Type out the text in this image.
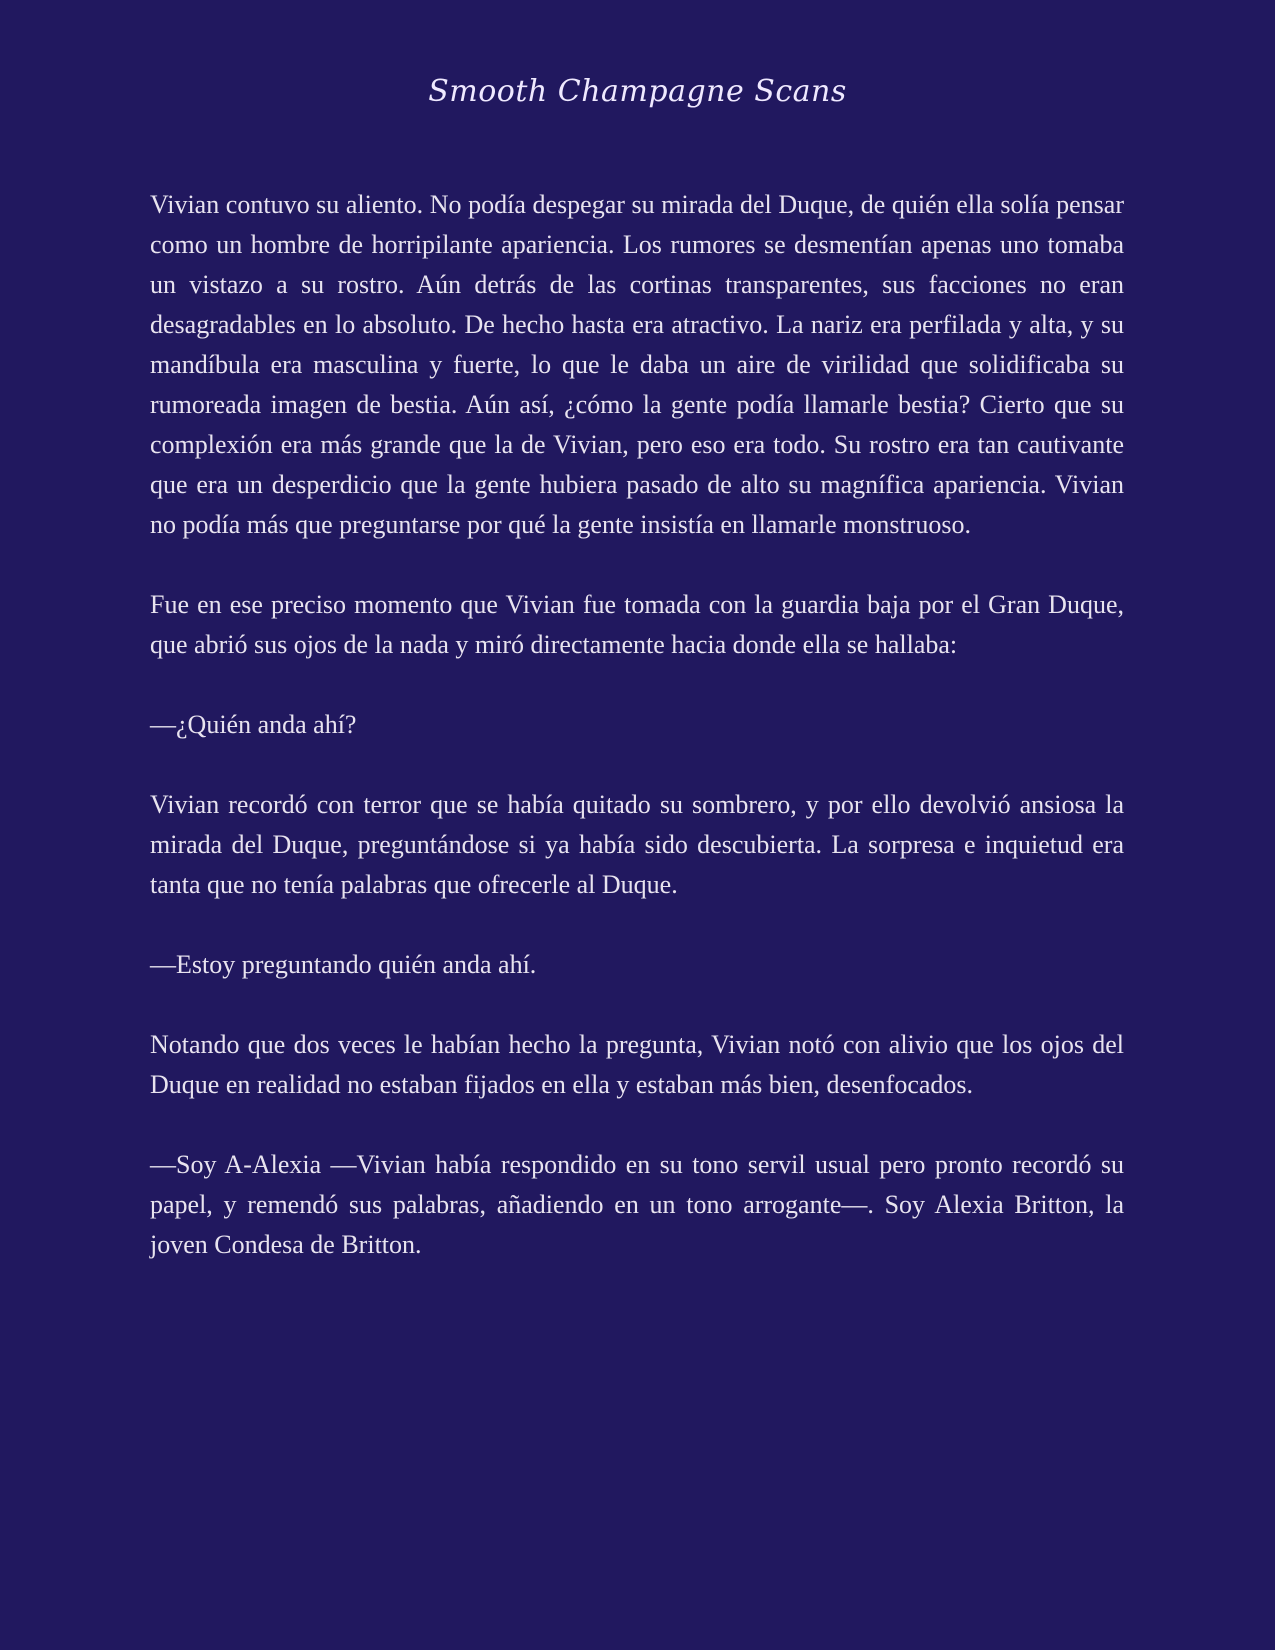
Smooth Champagne Scans

Vivian contuvo su aliento. No podía despegar su mirada del Duque, de quién ella solía pensar como un hombre de horripilante apariencia. Los rumores se desmentían apenas uno tomaba un vistazo a su rostro. Aún detrás de las cortinas transparentes, sus facciones no eran desagradables en lo absoluto. De hecho hasta era atractivo. La nariz era perfilada y alta, y su mandíbula era masculina y fuerte, lo que le daba un aire de virilidad que solidificaba su rumoreada imagen de bestia. Aún así, ¿cómo la gente podía llamarle bestia? Cierto que su complexión era más grande que la de Vivian, pero eso era todo. Su rostro era tan cautivante que era un desperdicio que la gente hubiera pasado de alto su magnífica apariencia. Vivian no podía más que preguntarse por qué la gente insistía en llamarle monstruoso.

Fue en ese preciso momento que Vivian fue tomada con la guardia baja por el Gran Duque, que abrió sus ojos de la nada y miró directamente hacia donde ella se hallaba:

—¿Quién anda ahí?

Vivian recordó con terror que se había quitado su sombrero, y por ello devolvió ansiosa la mirada del Duque, preguntándose si ya había sido descubierta. La sorpresa e inquietud era tanta que no tenía palabras que ofrecerle al Duque.

—Estoy preguntando quién anda ahí.

Notando que dos veces le habían hecho la pregunta, Vivian notó con alivio que los ojos del Duque en realidad no estaban fijados en ella y estaban más bien, desenfocados.

—Soy A-Alexia —Vivian había respondido en su tono servil usual pero pronto recordó su papel, y remendó sus palabras, añadiendo en un tono arrogante—. Soy Alexia Britton, la joven Condesa de Britton.
